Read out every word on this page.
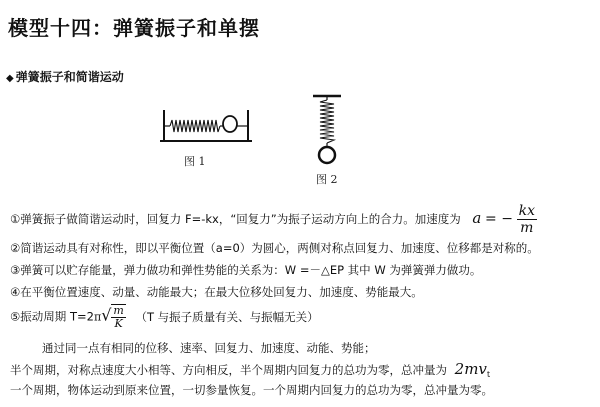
模型十四：弹簧振子和单摆
◆ 弹簧振子和简谐运动
图 1
图 2
①弹簧振子做简谐运动时，回复力 F=-kx，“回复力”为振子运动方向上的合力。加速度为 a = − $\frac{kx}{m}$
②简谐运动具有对称性，即以平衡位置（a=0）为圆心，两侧对称点回复力、加速度、位移都是对称的。
③弹簧可以贮存能量，弹力做功和弹性势能的关系为：W =－△EP 其中 W 为弹簧弹力做功。
④在平衡位置速度、动量、动能最大；在最大位移处回复力、加速度、势能最大。
⑤振动周期 $T=2\pi√ \frac{m}{K} (T$ 与振子质量有关、与振幅无关）
通过同一点有相同的位移、速率、回复力、加速度、动能、势能；
半个周期，对称点速度大小相等、方向相反，半个周期内回复力的总功为零，总冲量为 $2mv_t$
一个周期，物体运动到原来位置，一切参量恢复。一个周期内回复力的总功为零，总冲量为零。
